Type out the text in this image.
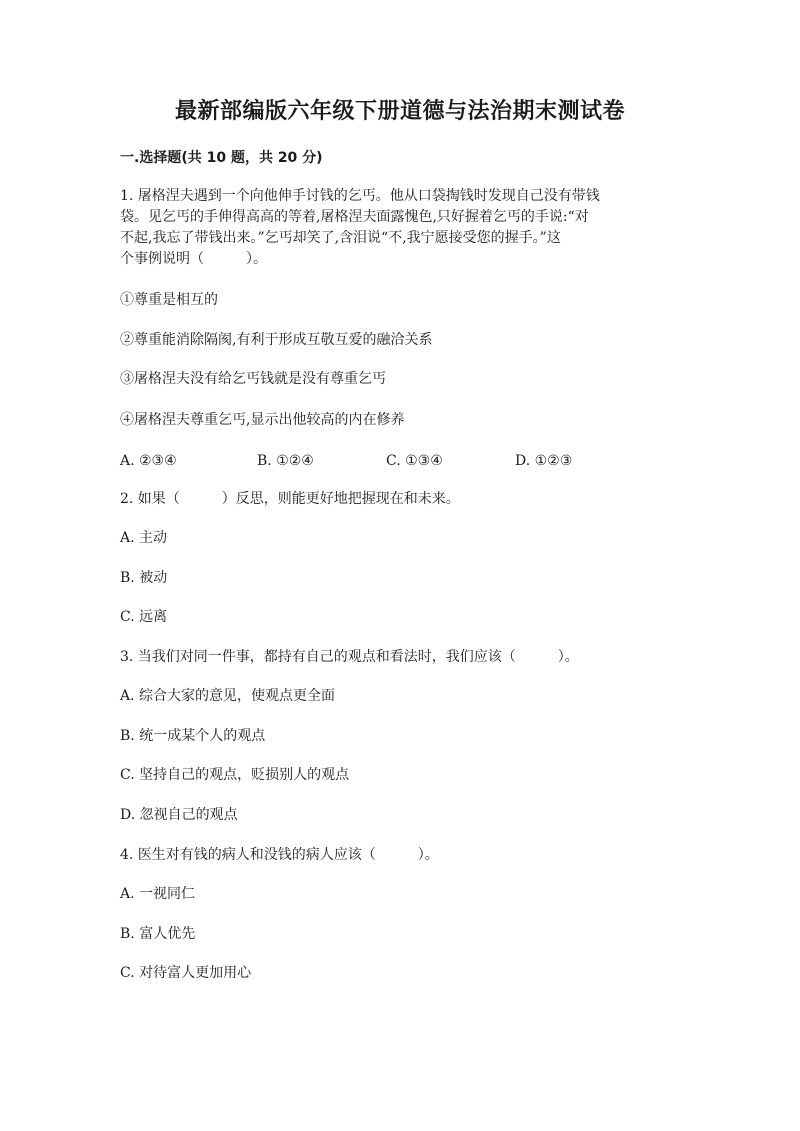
最新部编版六年级下册道德与法治期末测试卷
一.选择题(共 10 题，共 20 分)
1. 屠格涅夫遇到一个向他伸手讨钱的乞丐。他从口袋掏钱时发现自己没有带钱
袋。见乞丐的手伸得高高的等着,屠格涅夫面露愧色,只好握着乞丐的手说:“对
不起,我忘了带钱出来。”乞丐却笑了,含泪说“不,我宁愿接受您的握手。”这
个事例说明（　　　）。
①尊重是相互的
②尊重能消除隔阂,有利于形成互敬互爱的融洽关系
③屠格涅夫没有给乞丐钱就是没有尊重乞丐
④屠格涅夫尊重乞丐,显示出他较高的内在修养
A. ②③④	B. ①②④	C. ①③④	D. ①②③
2. 如果（　　　）反思，则能更好地把握现在和未来。
A. 主动
B. 被动
C. 远离
3. 当我们对同一件事，都持有自己的观点和看法时，我们应该（　　　）。
A. 综合大家的意见，使观点更全面
B. 统一成某个人的观点
C. 坚持自己的观点，贬损别人的观点
D. 忽视自己的观点
4. 医生对有钱的病人和没钱的病人应该（　　　）。
A. 一视同仁
B. 富人优先
C. 对待富人更加用心
